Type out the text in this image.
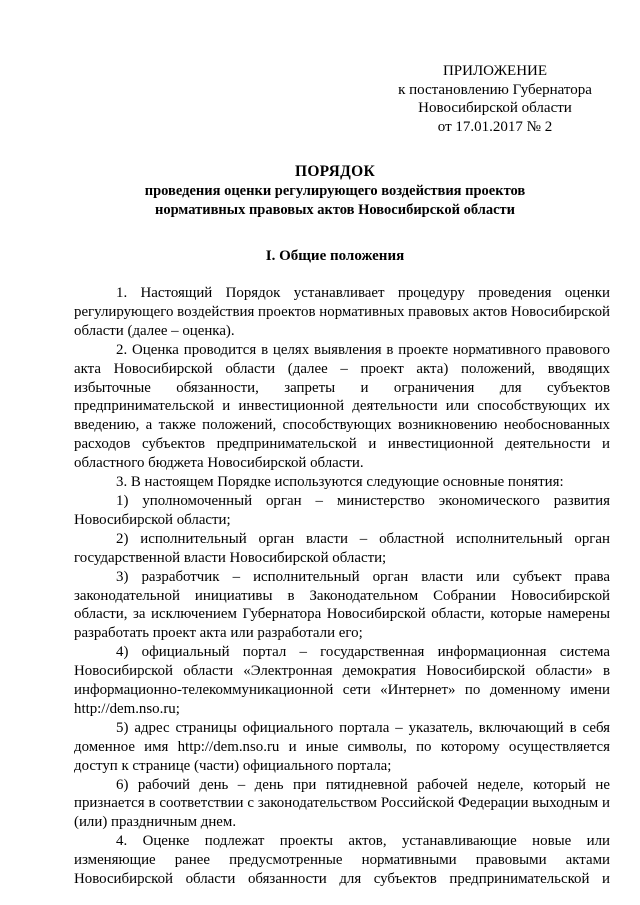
ПРИЛОЖЕНИЕ
к постановлению Губернатора
Новосибирской области
от 17.01.2017 № 2
ПОРЯДОК
проведения оценки регулирующего воздействия проектов
нормативных правовых актов Новосибирской области
I. Общие положения

1. Настоящий Порядок устанавливает процедуру проведения оценки регулирующего воздействия проектов нормативных правовых актов Новосибирской области (далее – оценка).

2. Оценка проводится в целях выявления в проекте нормативного правового акта Новосибирской области (далее – проект акта) положений, вводящих избыточные обязанности, запреты и ограничения для субъектов предпринимательской и инвестиционной деятельности или способствующих их введению, а также положений, способствующих возникновению необоснованных расходов субъектов предпринимательской и инвестиционной деятельности и областного бюджета Новосибирской области.

3. В настоящем Порядке используются следующие основные понятия:

1) уполномоченный орган – министерство экономического развития Новосибирской области;

2) исполнительный орган власти – областной исполнительный орган государственной власти Новосибирской области;

3) разработчик – исполнительный орган власти или субъект права законодательной инициативы в Законодательном Собрании Новосибирской области, за исключением Губернатора Новосибирской области, которые намерены разработать проект акта или разработали его;

4) официальный портал – государственная информационная система Новосибирской области «Электронная демократия Новосибирской области» в информационно-телекоммуникационной сети «Интернет» по доменному имени http://dem.nso.ru;

5) адрес страницы официального портала – указатель, включающий в себя доменное имя http://dem.nso.ru и иные символы, по которому осуществляется доступ к странице (части) официального портала;

6) рабочий день – день при пятидневной рабочей неделе, который не признается в соответствии с законодательством Российской Федерации выходным и (или) праздничным днем.

4. Оценке подлежат проекты актов, устанавливающие новые или изменяющие ранее предусмотренные нормативными правовыми актами Новосибирской области обязанности для субъектов предпринимательской и
